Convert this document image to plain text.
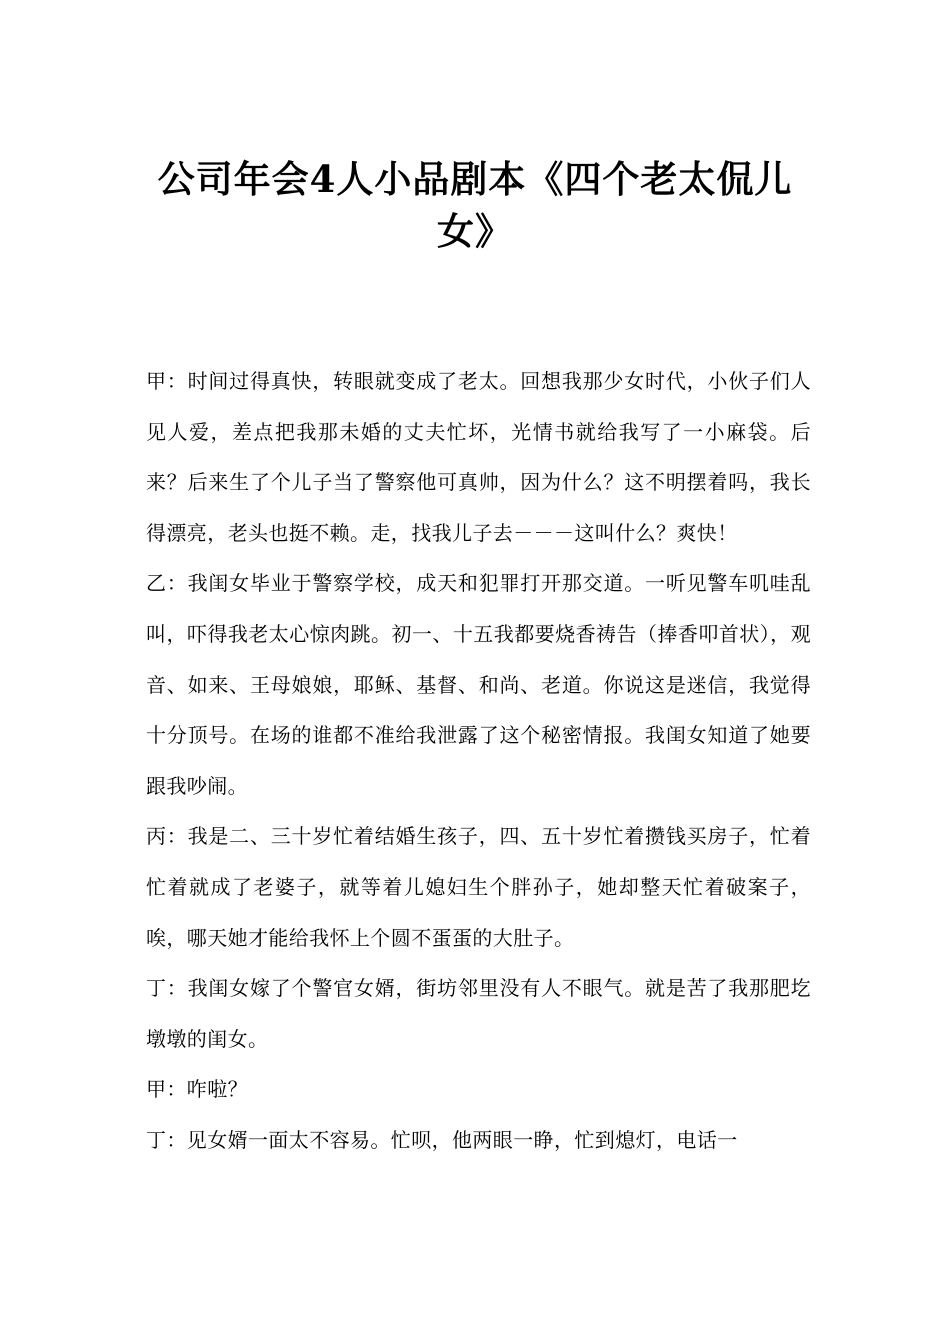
公司年会4人小品剧本《四个老太侃儿女》

甲：时间过得真快，转眼就变成了老太。回想我那少女时代，小伙子们人见人爱，差点把我那未婚的丈夫忙坏，光情书就给我写了一小麻袋。后来？后来生了个儿子当了警察他可真帅，因为什么？这不明摆着吗，我长得漂亮，老头也挺不赖。走，找我儿子去－－－这叫什么？爽快！

乙：我闺女毕业于警察学校，成天和犯罪打开那交道。一听见警车叽哇乱叫，吓得我老太心惊肉跳。初一、十五我都要烧香祷告（捧香叩首状），观音、如来、王母娘娘，耶稣、基督、和尚、老道。你说这是迷信，我觉得十分顶号。在场的谁都不准给我泄露了这个秘密情报。我闺女知道了她要跟我吵闹。

丙：我是二、三十岁忙着结婚生孩子，四、五十岁忙着攒钱买房子，忙着忙着就成了老婆子，就等着儿媳妇生个胖孙子，她却整天忙着破案子，唉，哪天她才能给我怀上个圆不蛋蛋的大肚子。

丁：我闺女嫁了个警官女婿，街坊邻里没有人不眼气。就是苦了我那肥圪墩墩的闺女。

甲：咋啦？

丁：见女婿一面太不容易。忙呗，他两眼一睁，忙到熄灯，电话一
